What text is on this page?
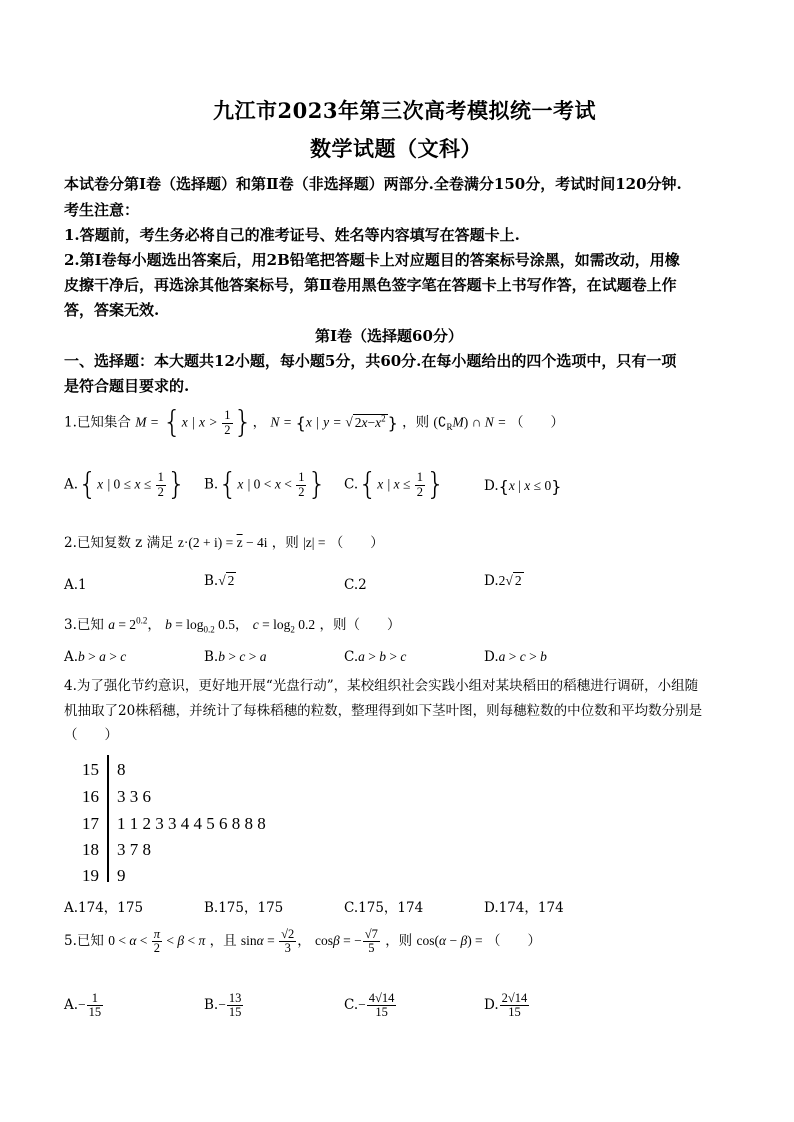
九江市2023年第三次高考模拟统一考试
数学试题（文科）
本试卷分第Ⅰ卷（选择题）和第Ⅱ卷（非选择题）两部分.全卷满分150分，考试时间120分钟.
考生注意：
1.答题前，考生务必将自己的准考证号、姓名等内容填写在答题卡上.
2.第Ⅰ卷每小题选出答案后，用2B铅笔把答题卡上对应题目的答案标号涂黑，如需改动，用橡
皮擦干净后，再选涂其他答案标号，第Ⅱ卷用黑色签字笔在答题卡上书写作答，在试题卷上作
答，答案无效.
第Ⅰ卷（选择题60分）
一、选择题：本大题共12小题，每小题5分，共60分.在每小题给出的四个选项中，只有一项
是符合题目要求的.
1.已知集合 M = {x | $x > \frac{1}{2}$ }， N = {x | y = √ $2x-x^2$ } ，则 $(∁_RM)$ ∩ N = （　　）
A.{x | $0 \le x \le \frac{1}{2}$ } B.{x | $0 < x < \frac{1}{2}$ } C.{x | $x \le \frac{1}{2}$ }	D.{x | x ≤ 0}
2.已知复数 z 满足 $z\cdot(2 + i) = \overline{z} - 4i$ ，则 |z| = （　　）
A.1	B.√ 2	C.2	D.2√ 2
3.已知 $a = 2^{0.2}$， $b = \log_{0.2} 0.5$， $c = \log_2 0.2$ ，则（　　）
A.b > a > c	B.b > c > a	C.a > b > c	D.a > c > b
4.为了强化节约意识，更好地开展“光盘行动”，某校组织社会实践小组对某块稻田的稻穗进行调研，小组随
机抽取了20株稻穗，并统计了每株稻穗的粒数，整理得到如下茎叶图，则每穗粒数的中位数和平均数分别是
（　　）
15 8
16 3 3 6
17 1 1 2 3 3 4 4 5 6 8 8 8
18 3 7 8
19 9
A.174，175	B.175，175	C.175，174	D.174，174
5.已知 $0 < \alpha < \frac{\pi}{2} < \beta < \pi$ ，且 $\sin\alpha = \frac{√2}{3}$ ， cosβ = − $\frac{√7}{5}$ ，则 cos(α − β) = （　　）
$A.- \frac{1}{15}$	$B.- \frac{13}{15}$	$C.- \frac{4√14}{15}$	D. $\frac{2√14}{15}$
